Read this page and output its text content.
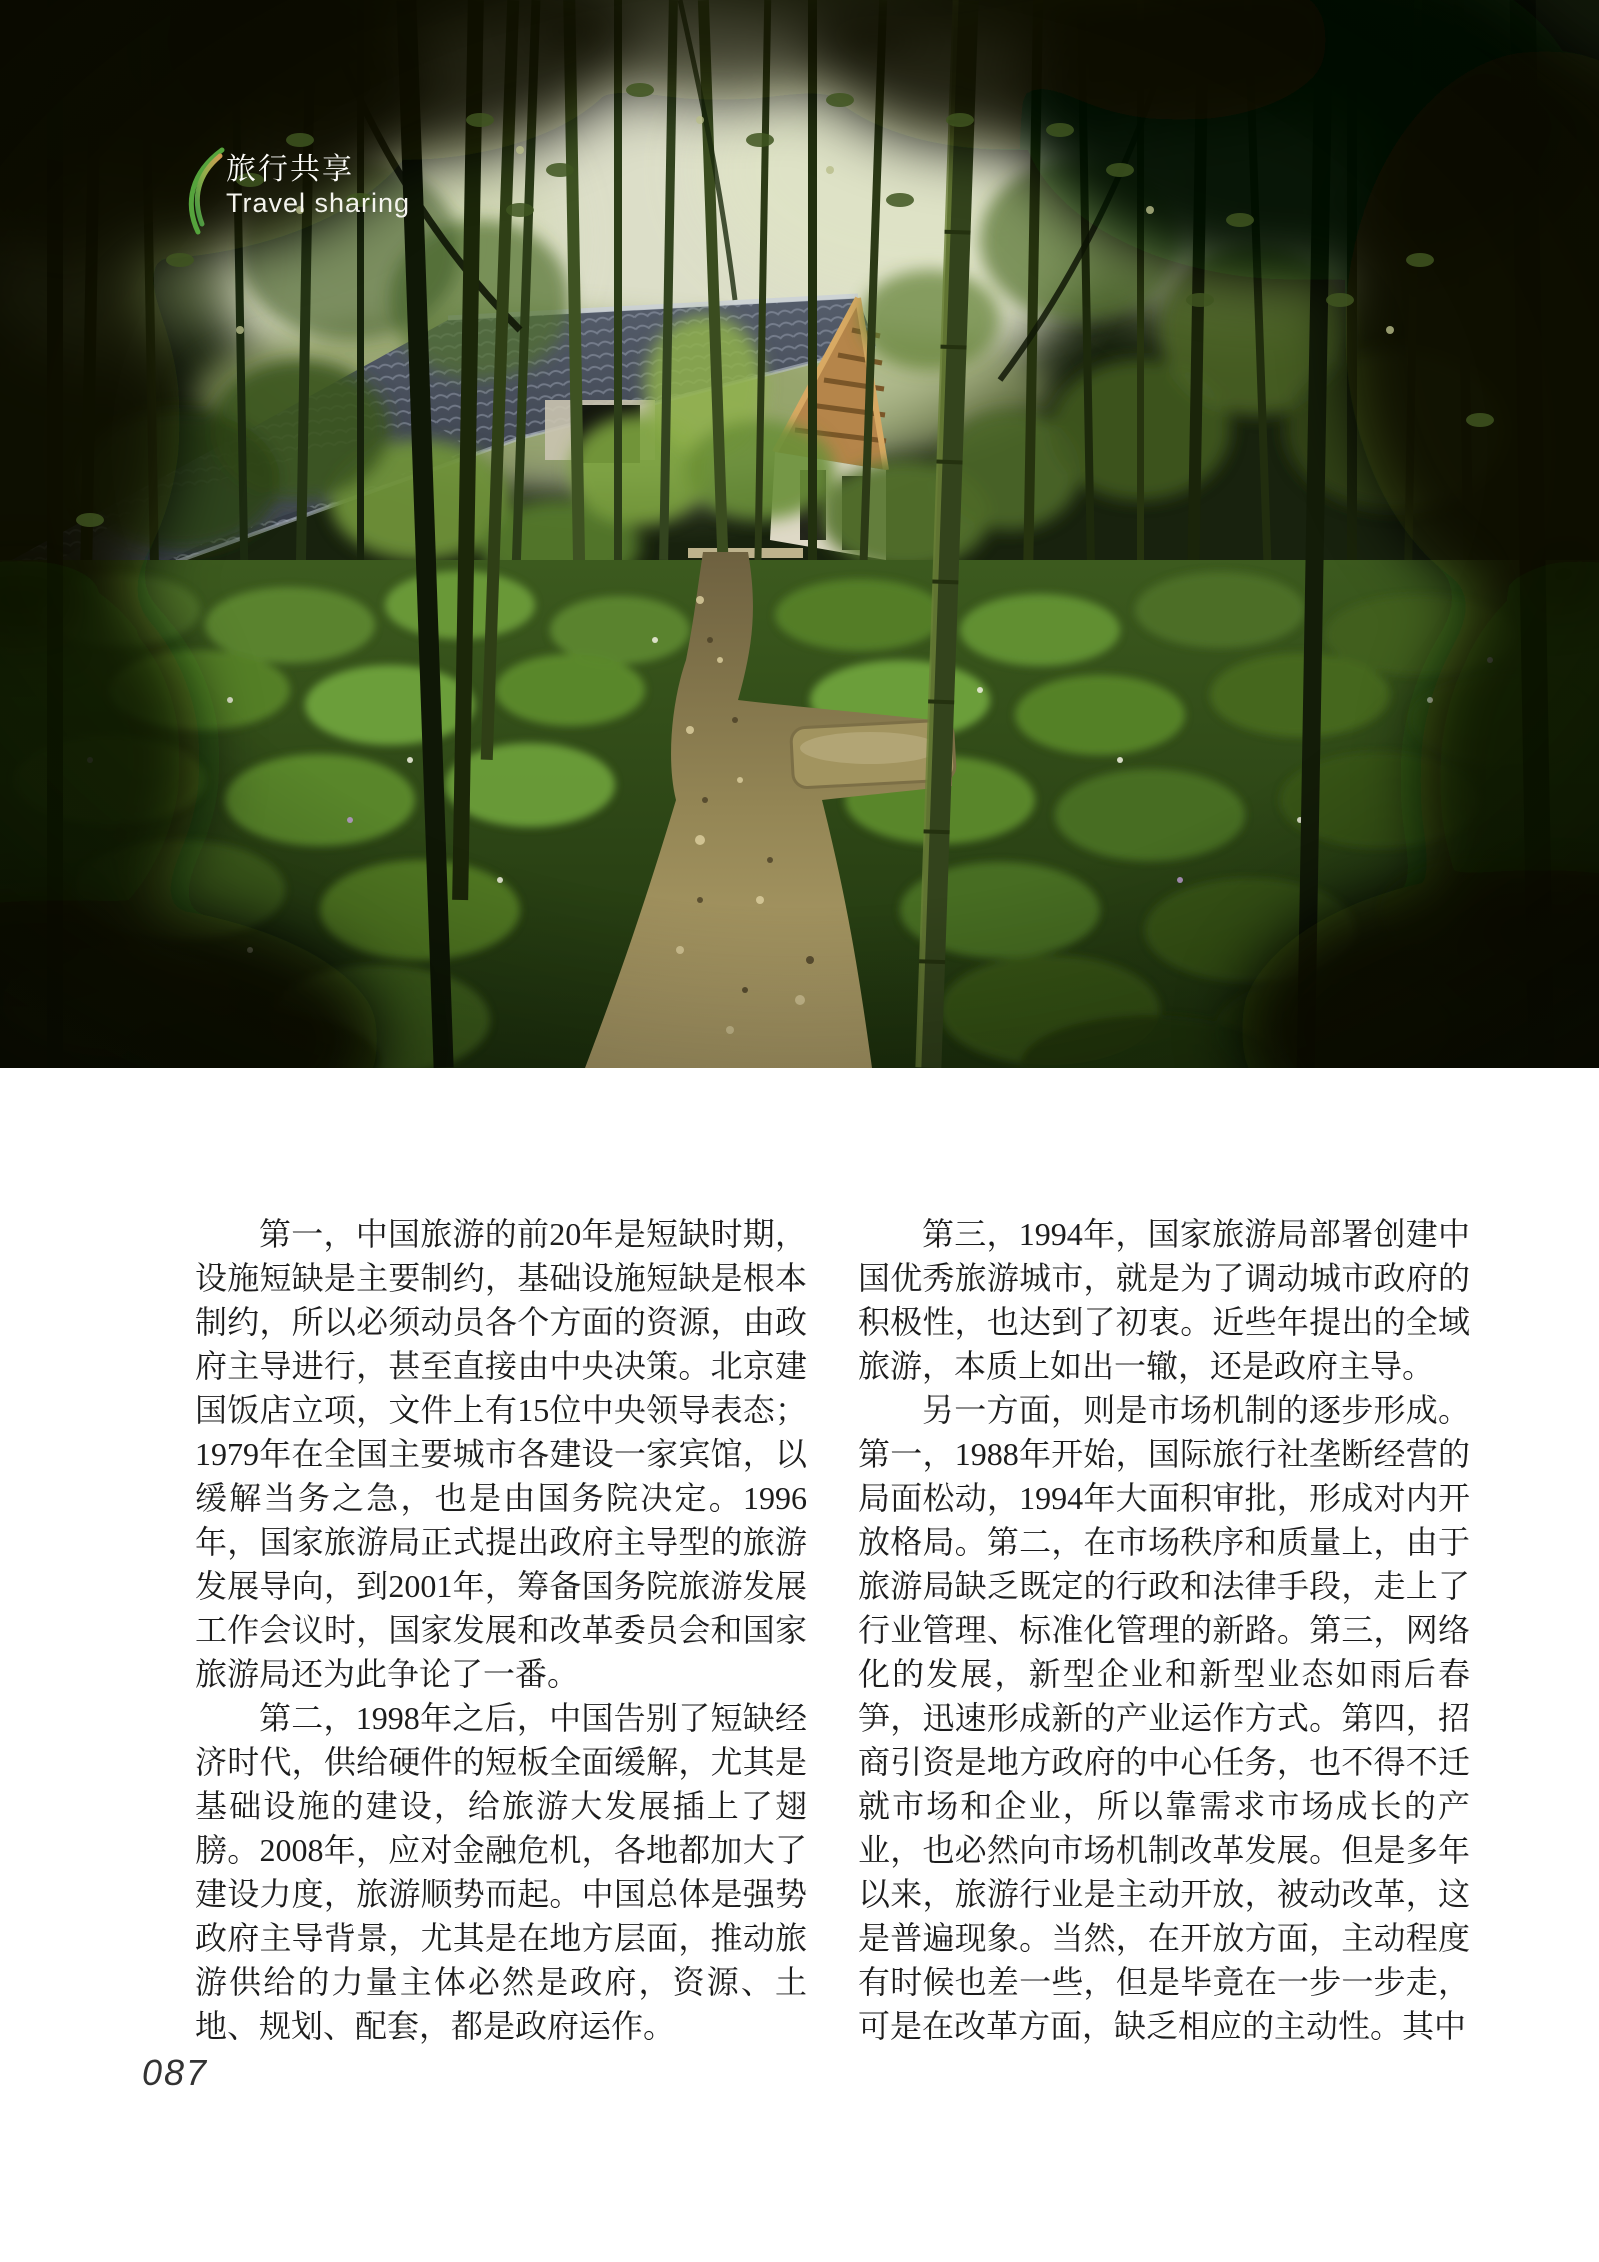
旅行共享
Travel sharing

第一，中国旅游的前20年是短缺时期，设施短缺是主要制约，基础设施短缺是根本制约，所以必须动员各个方面的资源，由政府主导进行，甚至直接由中央决策。北京建国饭店立项，文件上有15位中央领导表态；1979年在全国主要城市各建设一家宾馆，以缓解当务之急，也是由国务院决定。1996年，国家旅游局正式提出政府主导型的旅游发展导向，到2001年，筹备国务院旅游发展工作会议时，国家发展和改革委员会和国家旅游局还为此争论了一番。

第二，1998年之后，中国告别了短缺经济时代，供给硬件的短板全面缓解，尤其是基础设施的建设，给旅游大发展插上了翅膀。2008年，应对金融危机，各地都加大了建设力度，旅游顺势而起。中国总体是强势政府主导背景，尤其是在地方层面，推动旅游供给的力量主体必然是政府，资源、土地、规划、配套，都是政府运作。

第三，1994年，国家旅游局部署创建中国优秀旅游城市，就是为了调动城市政府的积极性，也达到了初衷。近些年提出的全域旅游，本质上如出一辙，还是政府主导。

另一方面，则是市场机制的逐步形成。第一，1988年开始，国际旅行社垄断经营的局面松动，1994年大面积审批，形成对内开放格局。第二，在市场秩序和质量上，由于旅游局缺乏既定的行政和法律手段，走上了行业管理、标准化管理的新路。第三，网络化的发展，新型企业和新型业态如雨后春笋，迅速形成新的产业运作方式。第四，招商引资是地方政府的中心任务，也不得不迁就市场和企业，所以靠需求市场成长的产业，也必然向市场机制改革发展。但是多年以来，旅游行业是主动开放，被动改革，这是普遍现象。当然，在开放方面，主动程度有时候也差一些，但是毕竟在一步一步走，可是在改革方面，缺乏相应的主动性。其中

087
